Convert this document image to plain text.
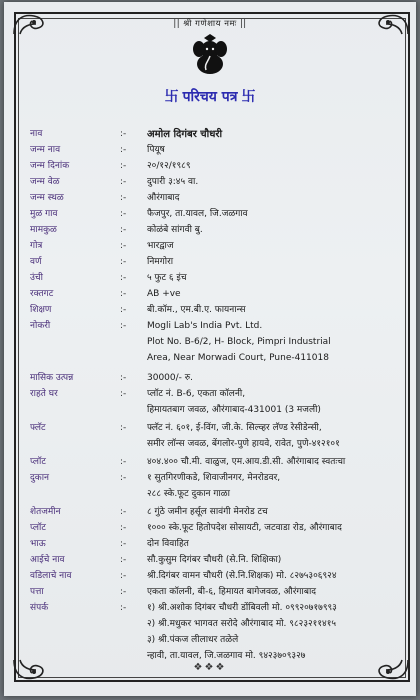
|| श्री गणेशाय नमः ||
卐 परिचय पत्र 卐
नाव	:- अमोल दिगंबर चौधरी
जन्म नाव	:- पियूष
जन्म दिनांक	:- २०/१२/१९८९
जन्म वेळ	:- दुपारी ३:४५ वा.
जन्म स्थळ	:- औरंगाबाद
मुळ गाव	:- फैजपुर, ता.यावल, जि.जळगाव
मामकुळ	:- कोळंबे सांगवी बु.
गोत्र	:- भारद्वाज
वर्ण	:- निमगोरा
उंची	:- ५ फुट ६ इंच
रक्तगट	:- AB +ve
शिक्षण	:- बी.कॉम., एम.बी.ए. फायनान्स
नोकरी	:- Mogli Lab's India Pvt. Ltd.
Plot No. B-6/2, H- Block, Pimpri Industrial
Area, Near Morwadi Court, Pune-411018
मासिक उत्पन्न	:- 30000/- रु.
राहते घर	:- प्लॉट नं. B-6, एकता कॉलनी,
हिमायतबाग जवळ, औरंगाबाद-431001 (3 मजली)
फ्लॅट	:- फ्लॅट नं. ६०१, ई-विंग, जी.के. सिल्व्हर लॅण्ड रेसीडेन्सी,
समीर लॉन्स जवळ, बेंगलोर-पुणे हायवे, रावेत, पुणे-४१२१०१
प्लॉट	:- ४०४.४०० चौ.मी. वाळुज, एम.आय.डी.सी. औरंगाबाद स्वतःचा
दुकान	:- १ सुतगिरणीकडे, शिवाजीनगर, मेनरोडवर,
२८८ स्के.फूट दुकान गाळा
शेतजमीन	:- ८ गुंठे जमीन हर्सूल सावंगी मेनरोड टच
प्लॉट	:- १००० स्के.फूट हितोपदेश सोसायटी, जटवाडा रोड, औरंगाबाद
भाऊ	:- दोन विवाहित
आईचे नाव	:- सौ.कुसुम दिगंबर चौधरी (से.नि. शिक्षिका)
वडिलाचे नाव	:- श्री.दिगंबर वामन चौधरी (से.नि.शिक्षक) मो. ८२७५३०६९२४
पत्ता	:- एकता कॉलनी, बी-६, हिमायत बागेजवळ, औरंगाबाद
संपर्क	:- १) श्री.अशोक दिगंबर चौधरी डोंबिवली मो. ०९९२०७१७९९३
२) श्री.मधुकर भागवत सरोदे औरंगाबाद मो. ९८२३२११४१५
३) श्री.पंकज लीलाधर तळेले
न्हावी, ता.यावल, जि.जळगाव मो. ९४२३७०९३२७
❖❖❖
